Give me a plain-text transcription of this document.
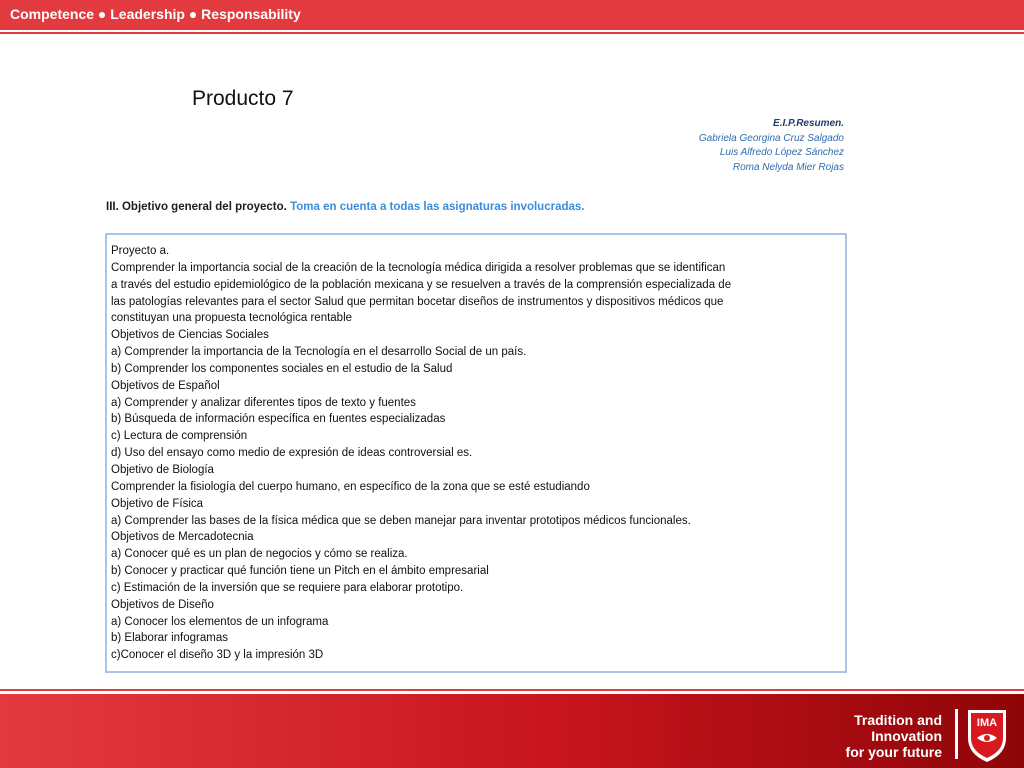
Competence ● Leadership ● Responsability
Producto 7
E.I.P.Resumen.
Gabriela Georgina Cruz Salgado
Luis Alfredo López Sánchez
Roma Nelyda Mier Rojas
III. Objetivo general del proyecto. Toma en cuenta a todas las asignaturas involucradas.
Proyecto a.
Comprender la importancia social de la creación de la tecnología médica dirigida a resolver problemas que se identifican
a través del estudio epidemiológico de la población mexicana y se resuelven a través de la comprensión especializada de
las patologías relevantes para el sector Salud que permitan bocetar diseños de instrumentos y dispositivos médicos que
constituyan una propuesta tecnológica rentable
Objetivos de Ciencias Sociales
a) Comprender la importancia de la Tecnología en el desarrollo Social de un país.
b) Comprender los componentes sociales en el estudio de la Salud
Objetivos de Español
a) Comprender y analizar diferentes tipos de texto y fuentes
b) Búsqueda de información específica en fuentes especializadas
c) Lectura de comprensión
d) Uso del ensayo como medio de expresión de ideas controversial es.
Objetivo de Biología
Comprender la fisiología del cuerpo humano, en específico de la zona que se esté estudiando
Objetivo de Física
a) Comprender las bases de la física médica que se deben manejar para inventar prototipos médicos funcionales.
Objetivos de Mercadotecnia
a) Conocer qué es un plan de negocios y cómo se realiza.
b) Conocer y practicar qué función tiene un Pitch en el ámbito empresarial
c) Estimación de la inversión que se requiere para elaborar prototipo.
Objetivos de Diseño
a) Conocer los elementos de un infograma
b) Elaborar infogramas
c)Conocer el diseño 3D y la impresión 3D
Tradition and
Innovation
for your future
IMA
